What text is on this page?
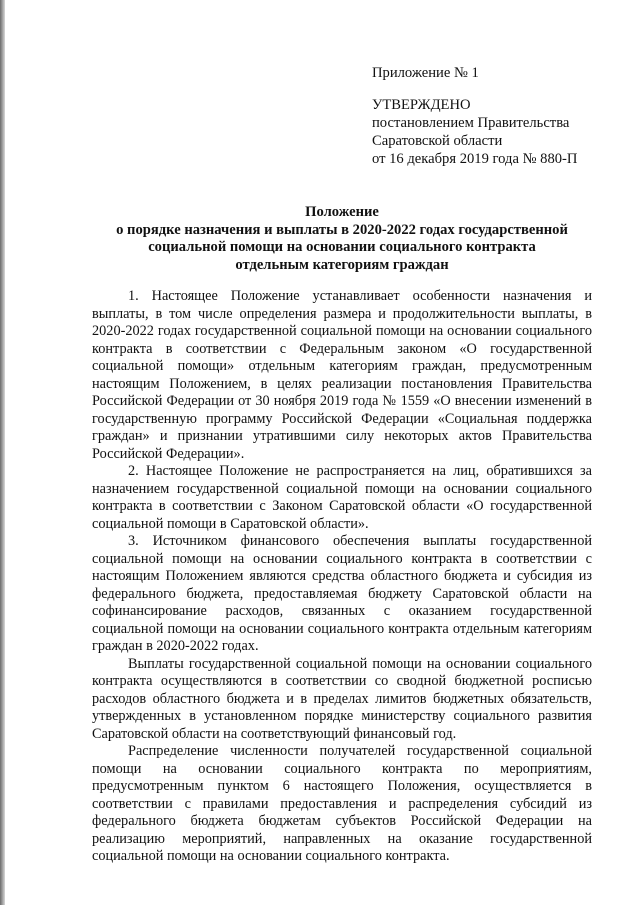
Приложение № 1
УТВЕРЖДЕНО
постановлением Правительства
Саратовской области
от 16 декабря 2019 года № 880-П
Положение
о порядке назначения и выплаты в 2020-2022 годах государственной
социальной помощи на основании социального контракта
отдельным категориям граждан

1. Настоящее Положение устанавливает особенности назначения и выплаты, в том числе определения размера и продолжительности выплаты, в 2020-2022 годах государственной социальной помощи на основании социального контракта в соответствии с Федеральным законом «О государственной социальной помощи» отдельным категориям граждан, предусмотренным настоящим Положением, в целях реализации постановления Правительства Российской Федерации от 30 ноября 2019 года № 1559 «О внесении изменений в государственную программу Российской Федерации «Социальная поддержка граждан» и признании утратившими силу некоторых актов Правительства Российской Федерации».

2. Настоящее Положение не распространяется на лиц, обратившихся за назначением государственной социальной помощи на основании социального контракта в соответствии с Законом Саратовской области «О государственной социальной помощи в Саратовской области».

3. Источником финансового обеспечения выплаты государственной социальной помощи на основании социального контракта в соответствии с настоящим Положением являются средства областного бюджета и субсидия из федерального бюджета, предоставляемая бюджету Саратовской области на софинансирование расходов, связанных с оказанием государственной социальной помощи на основании социального контракта отдельным категориям граждан в 2020-2022 годах.

Выплаты государственной социальной помощи на основании социального контракта осуществляются в соответствии со сводной бюджетной росписью расходов областного бюджета и в пределах лимитов бюджетных обязательств, утвержденных в установленном порядке министерству социального развития Саратовской области на соответствующий финансовый год.

Распределение численности получателей государственной социальной помощи на основании социального контракта по мероприятиям, предусмотренным пунктом 6 настоящего Положения, осуществляется в соответствии с правилами предоставления и распределения субсидий из федерального бюджета бюджетам субъектов Российской Федерации на реализацию мероприятий, направленных на оказание государственной социальной помощи на основании социального контракта.
